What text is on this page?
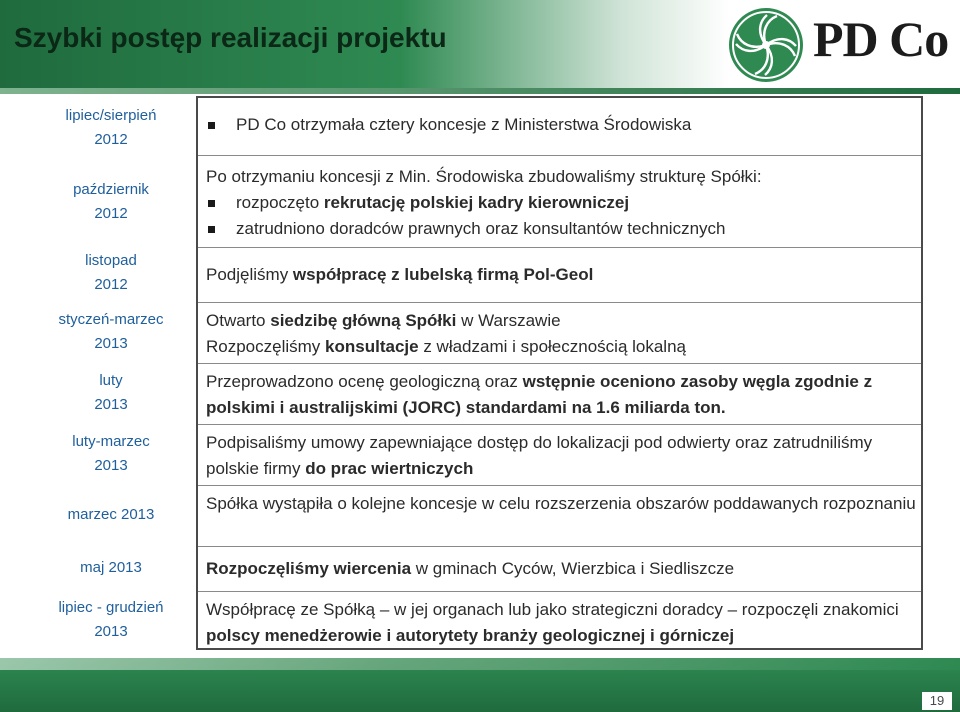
Szybki postęp realizacji projektu	PD Co
lipiec/sierpień
2012
październik
2012
listopad
2012
styczeń-marzec
2013
luty
2013
luty-marzec
2013
marzec 2013
maj 2013
lipiec - grudzień
2013
PD Co otrzymała cztery koncesje z Ministerstwa Środowiska
Po otrzymaniu koncesji z Min. Środowiska zbudowaliśmy strukturę Spółki:
rozpoczęto rekrutację polskiej kadry kierowniczej
zatrudniono doradców prawnych oraz konsultantów technicznych
Podjęliśmy współpracę z lubelską firmą Pol-Geol
Otwarto siedzibę główną Spółki w Warszawie
Rozpoczęliśmy konsultacje z władzami i społecznością lokalną
Przeprowadzono ocenę geologiczną oraz wstępnie oceniono zasoby węgla zgodnie z polskimi i australijskimi (JORC) standardami na 1.6 miliarda ton.
Podpisaliśmy umowy zapewniające dostęp do lokalizacji pod odwierty oraz zatrudniliśmy polskie firmy do prac wiertniczych
Spółka wystąpiła o kolejne koncesje w celu rozszerzenia obszarów poddawanych rozpoznaniu
Rozpoczęliśmy wiercenia w gminach Cyców, Wierzbica i Siedliszcze
Współpracę ze Spółką – w jej organach lub jako strategiczni doradcy – rozpoczęli znakomici polscy menedżerowie i autorytety branży geologicznej i górniczej
19
